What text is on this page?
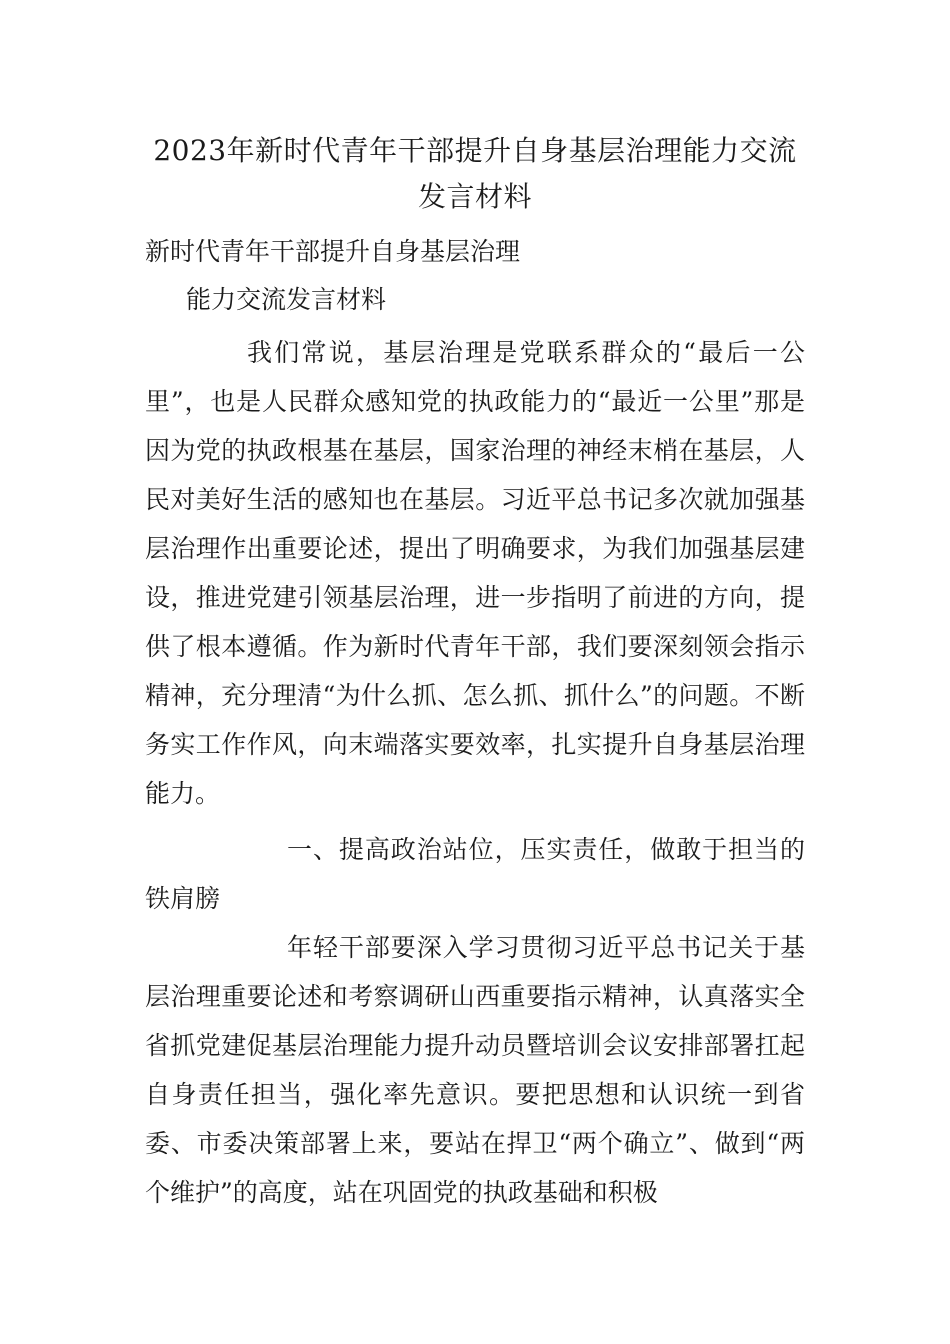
2023年新时代青年干部提升自身基层治理能力交流发言材料
新时代青年干部提升自身基层治理
能力交流发言材料

我们常说，基层治理是党联系群众的“最后一公里”，也是人民群众感知党的执政能力的“最近一公里”那是因为党的执政根基在基层，国家治理的神经末梢在基层，人民对美好生活的感知也在基层。习近平总书记多次就加强基层治理作出重要论述，提出了明确要求，为我们加强基层建设，推进党建引领基层治理，进一步指明了前进的方向，提供了根本遵循。作为新时代青年干部，我们要深刻领会指示精神，充分理清“为什么抓、怎么抓、抓什么”的问题。不断务实工作作风，向末端落实要效率，扎实提升自身基层治理能力。

一、提高政治站位，压实责任，做敢于担当的铁肩膀

年轻干部要深入学习贯彻习近平总书记关于基层治理重要论述和考察调研山西重要指示精神，认真落实全省抓党建促基层治理能力提升动员暨培训会议安排部署扛起自身责任担当，强化率先意识。要把思想和认识统一到省委、市委决策部署上来，要站在捍卫“两个确立”、做到“两个维护”的高度，站在巩固党的执政基础和积极
